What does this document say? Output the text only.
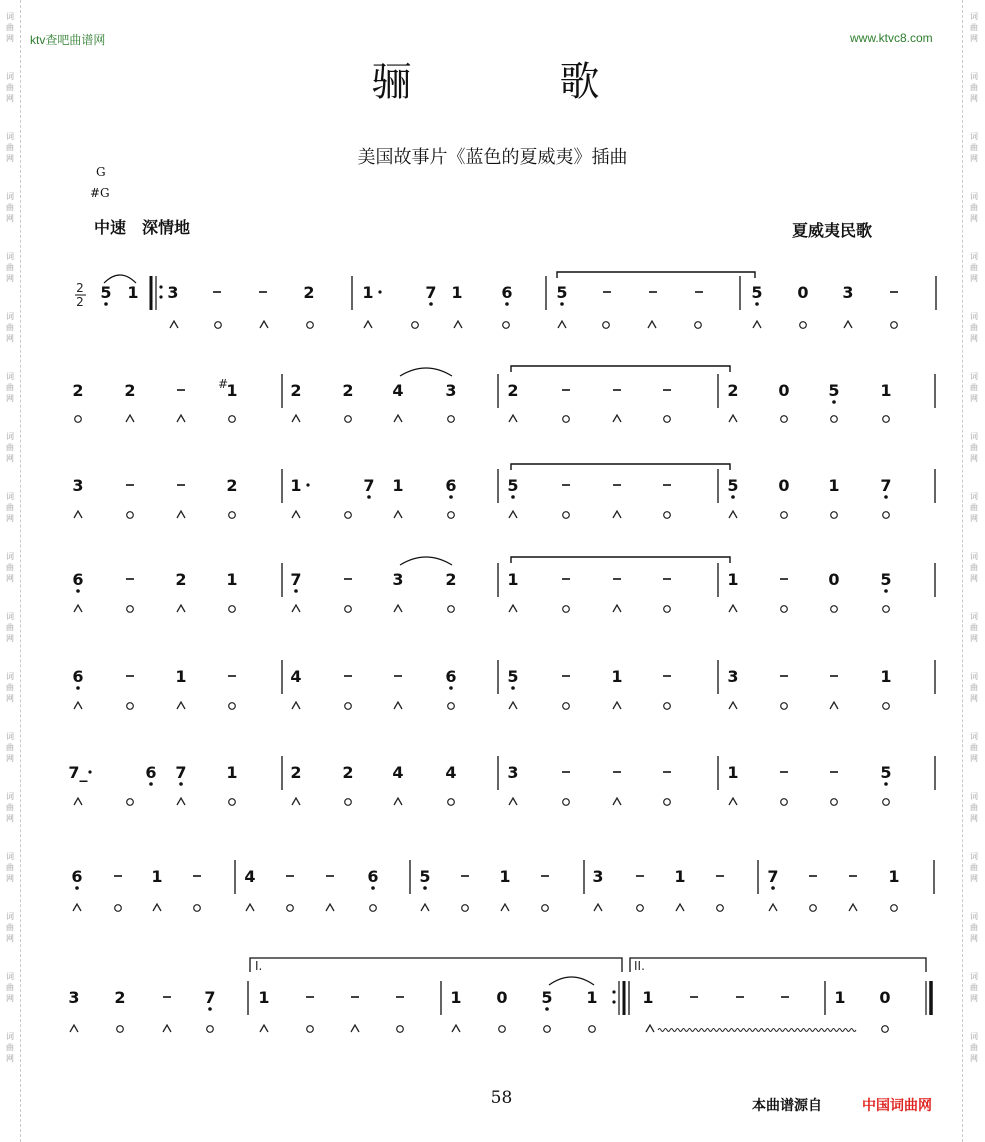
词
曲
网
词
曲
网
词
曲
网
词
曲
网
词
曲
网
词
曲
网
词
曲
网
词
曲
网
词
曲
网
词
曲
网
词
曲
网
词
曲
网
词
曲
网
词
曲
网
词
曲
网
词
曲
网
词
曲
网
词
曲
网
词
曲
网
词
曲
网
词
曲
网
词
曲
网
词
曲
网
词
曲
网
词
曲
网
词
曲
网
词
曲
网
词
曲
网
词
曲
网
词
曲
网
词
曲
网
词
曲
网
词
曲
网
词
曲
网
词
曲
网
词
曲
网
ktv查吧曲谱网	www.ktvc8.com
骊　歌
美国故事片《蓝色的夏威夷》插曲
G
#G
中速　深情地	夏威夷民歌
2
2 5 1 3	2	1	7 1 6	5	5 0 3
2	2	1
#	2	2 4	3	2	2 0 5	1
3	2	1	7 1	6	5	5 0 1	7
6	2 1	7	3	2	1	1	0	5
6	1	4	6	5	1	3	1
7_	6 7 1	2	2 4	4	3	1	5
6	1	4	6	5	1	3	1	7	1
3 2	7	1	1 0 5 1	1	1 0
I.	II.
58	本曲谱源自	中国词曲网
